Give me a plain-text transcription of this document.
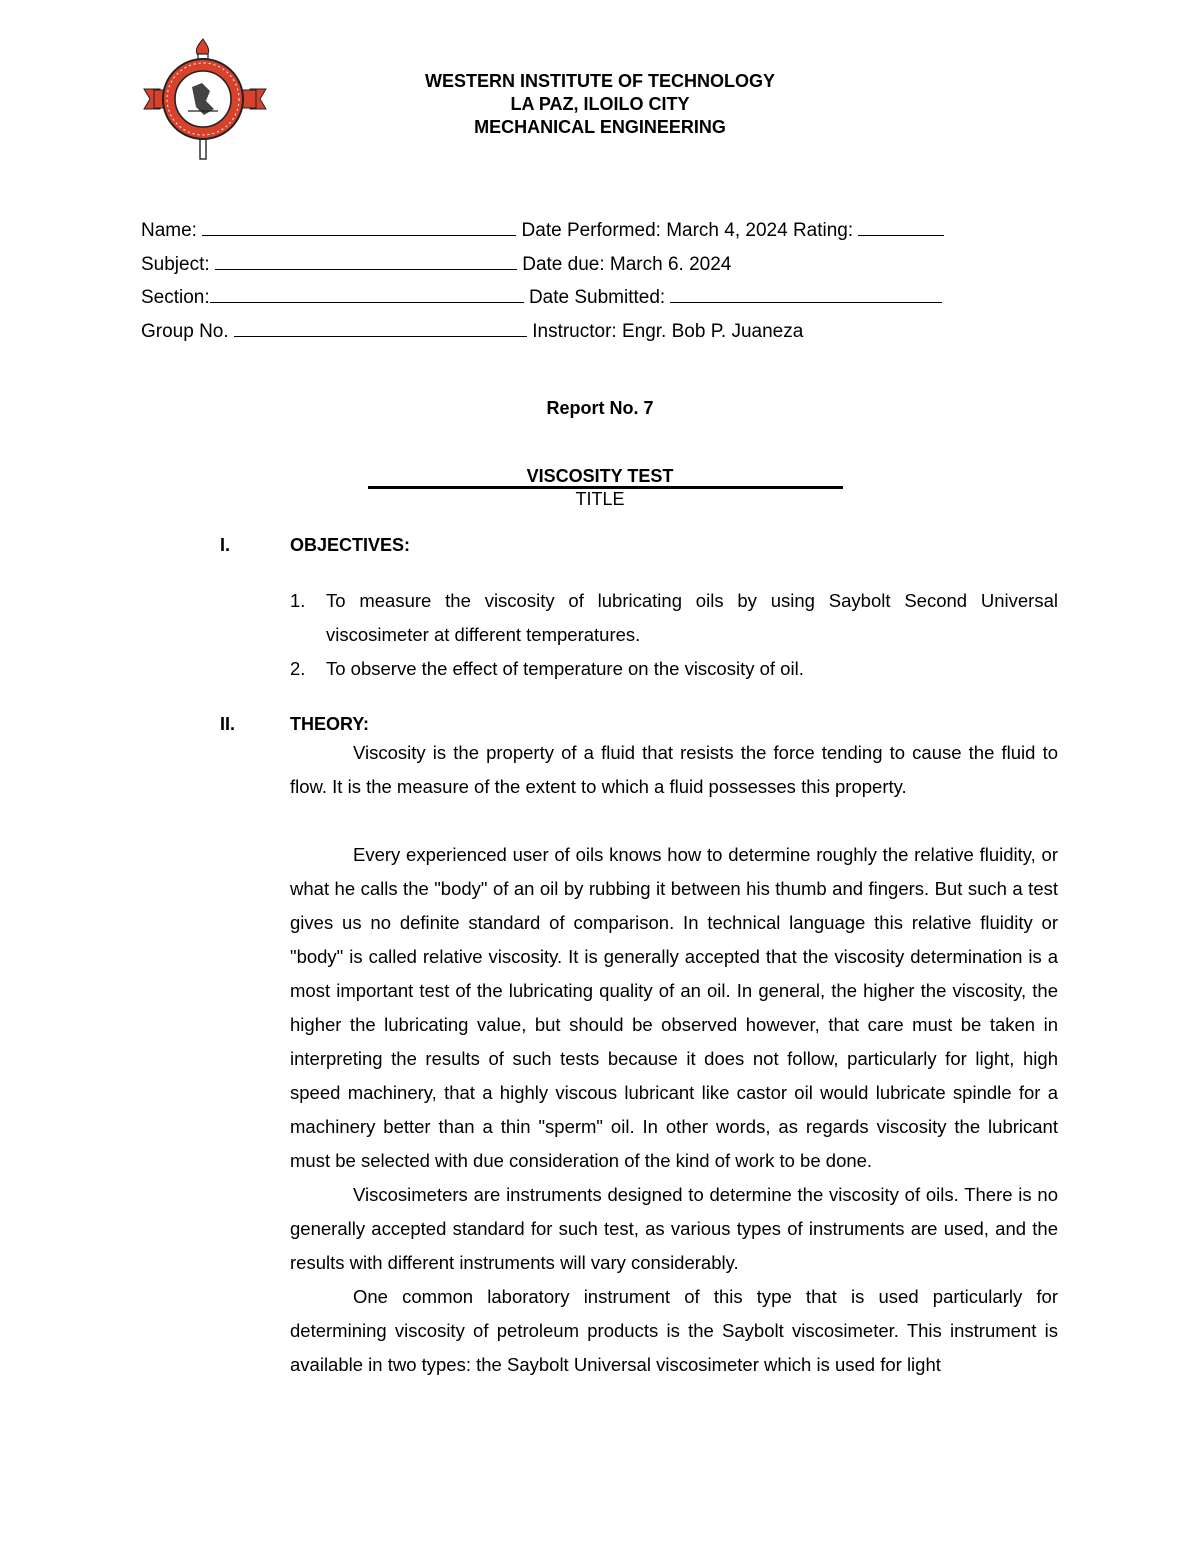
WESTERN INSTITUTE OF TECHNOLOGY
LA PAZ, ILOILO CITY
MECHANICAL ENGINEERING
Name:	Date Performed: March 4, 2024 Rating:
Subject:	Date due: March 6. 2024
Section:	Date Submitted:
Group No.	Instructor: Engr. Bob P. Juaneza
Report No. 7
VISCOSITY TEST
TITLE
I.	OBJECTIVES:
1. To measure the viscosity of lubricating oils by using Saybolt Second Universal viscosimeter at different temperatures.
2. To observe the effect of temperature on the viscosity of oil.
II.	THEORY:

Viscosity is the property of a fluid that resists the force tending to cause the fluid to flow. It is the measure of the extent to which a fluid possesses this property.

Every experienced user of oils knows how to determine roughly the relative fluidity, or what he calls the "body" of an oil by rubbing it between his thumb and fingers. But such a test gives us no definite standard of comparison. In technical language this relative fluidity or "body" is called relative viscosity. It is generally accepted that the viscosity determination is a most important test of the lubricating quality of an oil. In general, the higher the viscosity, the higher the lubricating value, but should be observed however, that care must be taken in interpreting the results of such tests because it does not follow, particularly for light, high speed machinery, that a highly viscous lubricant like castor oil would lubricate spindle for a machinery better than a thin "sperm" oil. In other words, as regards viscosity the lubricant must be selected with due consideration of the kind of work to be done.

Viscosimeters are instruments designed to determine the viscosity of oils. There is no generally accepted standard for such test, as various types of instruments are used, and the results with different instruments will vary considerably.

One common laboratory instrument of this type that is used particularly for determining viscosity of petroleum products is the Saybolt viscosimeter. This instrument is available in two types: the Saybolt Universal viscosimeter which is used for light
